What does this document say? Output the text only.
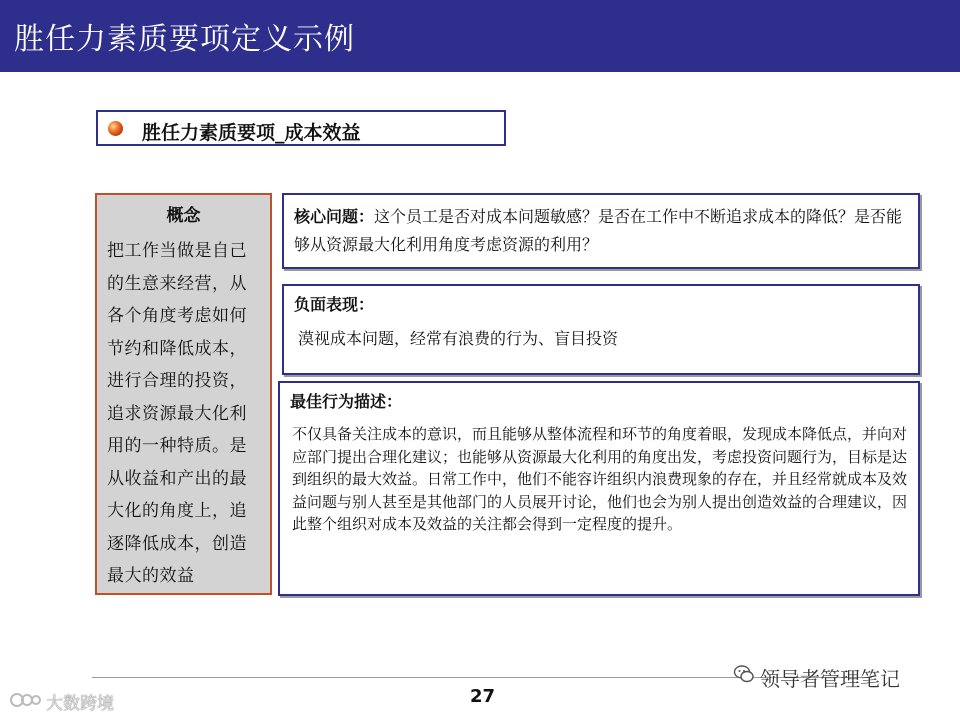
胜任力素质要项定义示例
胜任力素质要项_成本效益
概念
把工作当做是自己的生意来经营，从各个角度考虑如何节约和降低成本，进行合理的投资，追求资源最大化利用的一种特质。是从收益和产出的最大化的角度上，追逐降低成本，创造最大的效益
核心问题：这个员工是否对成本问题敏感？是否在工作中不断追求成本的降低？是否能够从资源最大化利用角度考虑资源的利用？
负面表现：
漠视成本问题，经常有浪费的行为、盲目投资
最佳行为描述：
不仅具备关注成本的意识，而且能够从整体流程和环节的角度着眼，发现成本降低点，并向对应部门提出合理化建议；也能够从资源最大化利用的角度出发，考虑投资问题行为，目标是达到组织的最大效益。日常工作中，他们不能容许组织内浪费现象的存在，并且经常就成本及效益问题与别人甚至是其他部门的人员展开讨论，他们也会为别人提出创造效益的合理建议，因此整个组织对成本及效益的关注都会得到一定程度的提升。
27
领导者管理笔记
大数跨境
